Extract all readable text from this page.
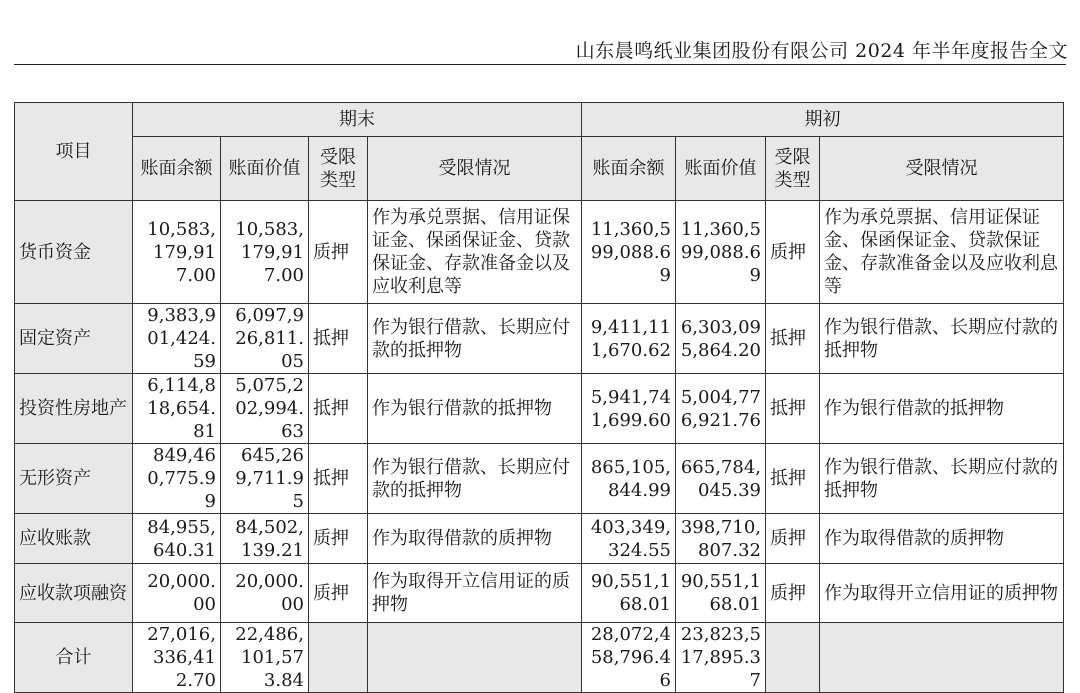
山东晨鸣纸业集团股份有限公司 2024 年半年度报告全文
项目	期末				期初			
	账面余额	账面价值	受限类型	受限情况	账面余额	账面价值	受限类型	受限情况
货币资金	10,583,179,917.00	10,583,179,917.00	质押	作为承兑票据、信用证保证金、保函保证金、贷款保证金、存款准备金以及应收利息等	11,360,599,088.69	11,360,599,088.69	质押	作为承兑票据、信用证保证金、保函保证金、贷款保证金、存款准备金以及应收利息等
固定资产	9,383,901,424.59	6,097,926,811.05	抵押	作为银行借款、长期应付款的抵押物	9,411,111,670.62	6,303,095,864.20	抵押	作为银行借款、长期应付款的抵押物
投资性房地产	6,114,818,654.81	5,075,202,994.63	抵押	作为银行借款的抵押物	5,941,741,699.60	5,004,776,921.76	抵押	作为银行借款的抵押物
无形资产	849,460,775.99	645,269,711.95	抵押	作为银行借款、长期应付款的抵押物	865,105,844.99	665,784,045.39	抵押	作为银行借款、长期应付款的抵押物
应收账款	84,955,640.31	84,502,139.21	质押	作为取得借款的质押物	403,349,324.55	398,710,807.32	质押	作为取得借款的质押物
应收款项融资	20,000.00	20,000.00	质押	作为取得开立信用证的质押物	90,551,168.01	90,551,168.01	质押	作为取得开立信用证的质押物
合计	27,016,336,412.70	22,486,101,573.84			28,072,458,796.46	23,823,517,895.37		
